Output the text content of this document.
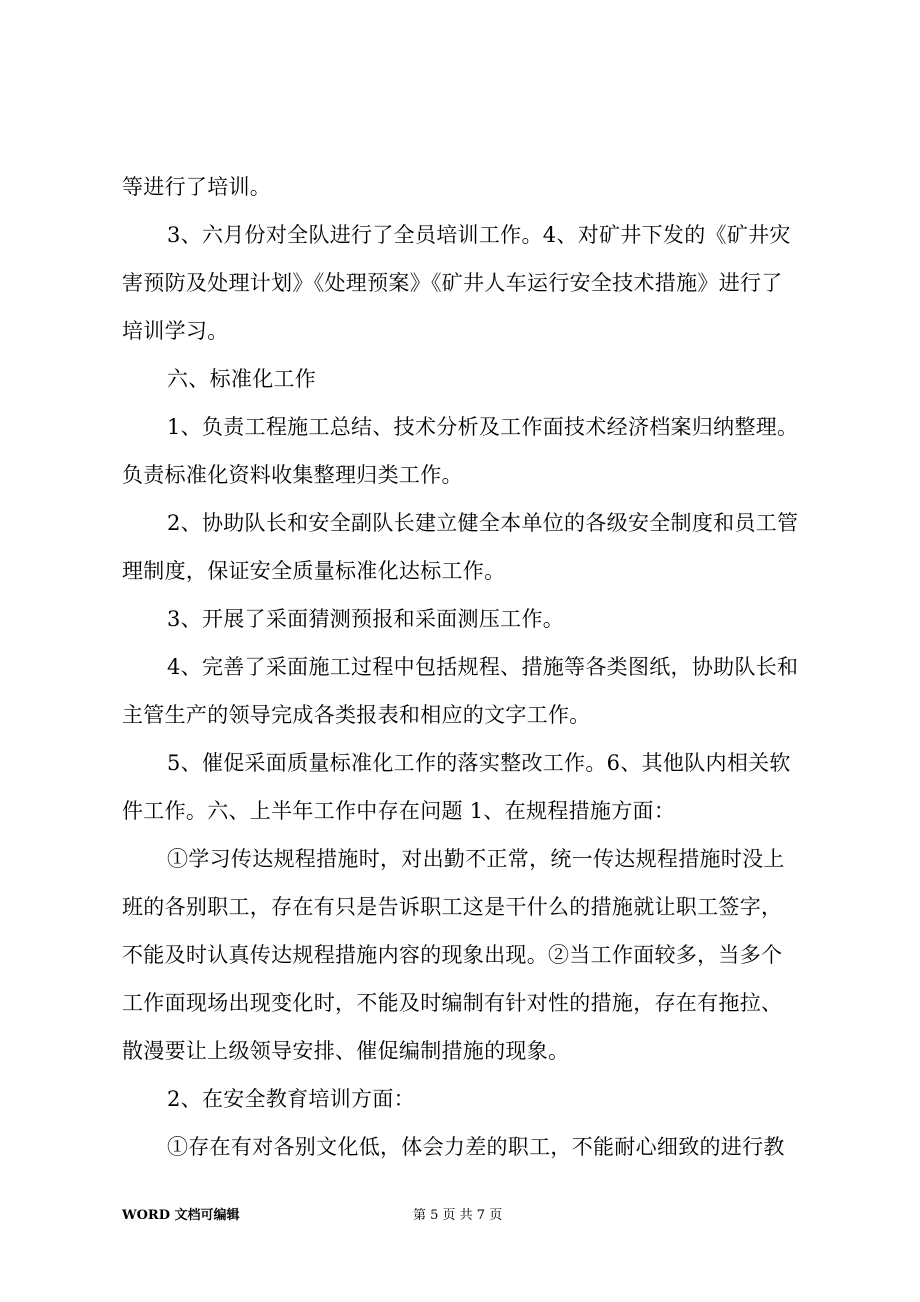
等进行了培训。
3、六月份对全队进行了全员培训工作。4、对矿井下发的《矿井灾
害预防及处理计划》《处理预案》《矿井人车运行安全技术措施》进行了
培训学习。
六、标准化工作
1、负责工程施工总结、技术分析及工作面技术经济档案归纳整理。
负责标准化资料收集整理归类工作。
2、协助队长和安全副队长建立健全本单位的各级安全制度和员工管
理制度，保证安全质量标准化达标工作。
3、开展了采面猜测预报和采面测压工作。
4、完善了采面施工过程中包括规程、措施等各类图纸，协助队长和
主管生产的领导完成各类报表和相应的文字工作。
5、催促采面质量标准化工作的落实整改工作。6、其他队内相关软
件工作。六、上半年工作中存在问题 1、在规程措施方面：
①学习传达规程措施时，对出勤不正常，统一传达规程措施时没上
班的各别职工，存在有只是告诉职工这是干什么的措施就让职工签字，
不能及时认真传达规程措施内容的现象出现。②当工作面较多，当多个
工作面现场出现变化时，不能及时编制有针对性的措施，存在有拖拉、
散漫要让上级领导安排、催促编制措施的现象。
2、在安全教育培训方面：
①存在有对各别文化低，体会力差的职工，不能耐心细致的进行教
WORD 文档可编辑	第 5 页 共 7 页
